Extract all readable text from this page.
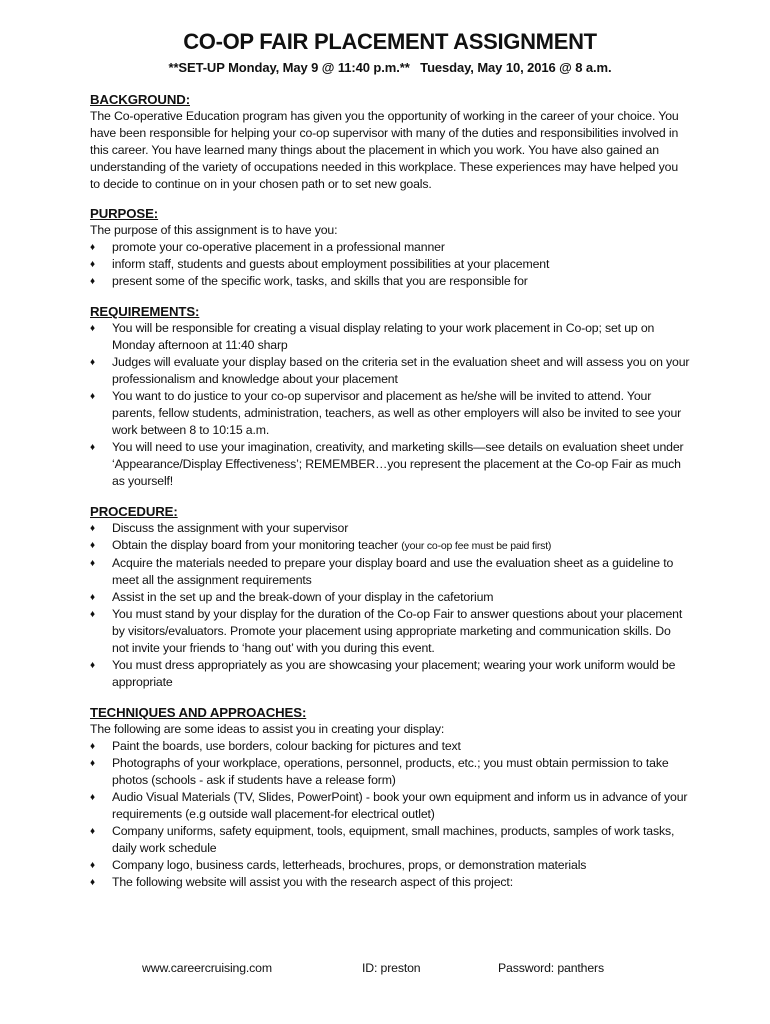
CO-OP FAIR PLACEMENT ASSIGNMENT

**SET-UP Monday, May 9 @ 11:40 p.m.**   Tuesday, May 10, 2016 @ 8 a.m.

BACKGROUND:

The Co-operative Education program has given you the opportunity of working in the career of your choice. You have been responsible for helping your co-op supervisor with many of the duties and responsibilities involved in this career. You have learned many things about the placement in which you work. You have also gained an understanding of the variety of occupations needed in this workplace. These experiences may have helped you to decide to continue on in your chosen path or to set new goals.

PURPOSE:

The purpose of this assignment is to have you:

♦ promote your co-operative placement in a professional manner
♦ inform staff, students and guests about employment possibilities at your placement
♦ present some of the specific work, tasks, and skills that you are responsible for
REQUIREMENTS:
♦ You will be responsible for creating a visual display relating to your work placement in Co-op; set up on Monday afternoon at 11:40 sharp
♦ Judges will evaluate your display based on the criteria set in the evaluation sheet and will assess you on your professionalism and knowledge about your placement
♦ You want to do justice to your co-op supervisor and placement as he/she will be invited to attend. Your parents, fellow students, administration, teachers, as well as other employers will also be invited to see your work between 8 to 10:15 a.m.
♦ You will need to use your imagination, creativity, and marketing skills—see details on evaluation sheet under ‘Appearance/Display Effectiveness’; REMEMBER…you represent the placement at the Co-op Fair as much as yourself!
PROCEDURE:
♦ Discuss the assignment with your supervisor
♦ Obtain the display board from your monitoring teacher (your co-op fee must be paid first)
♦ Acquire the materials needed to prepare your display board and use the evaluation sheet as a guideline to meet all the assignment requirements
♦ Assist in the set up and the break-down of your display in the cafetorium
♦ You must stand by your display for the duration of the Co-op Fair to answer questions about your placement by visitors/evaluators. Promote your placement using appropriate marketing and communication skills. Do not invite your friends to ‘hang out’ with you during this event.
♦ You must dress appropriately as you are showcasing your placement; wearing your work uniform would be appropriate
TECHNIQUES AND APPROACHES:

The following are some ideas to assist you in creating your display:

♦ Paint the boards, use borders, colour backing for pictures and text
♦ Photographs of your workplace, operations, personnel, products, etc.; you must obtain permission to take photos (schools - ask if students have a release form)
♦ Audio Visual Materials (TV, Slides, PowerPoint) - book your own equipment and inform us in advance of your requirements (e.g outside wall placement-for electrical outlet)
♦ Company uniforms, safety equipment, tools, equipment, small machines, products, samples of work tasks, daily work schedule
♦ Company logo, business cards, letterheads, brochures, props, or demonstration materials
♦ The following website will assist you with the research aspect of this project:
www.careercruising.com	ID: preston	Password: panthers
